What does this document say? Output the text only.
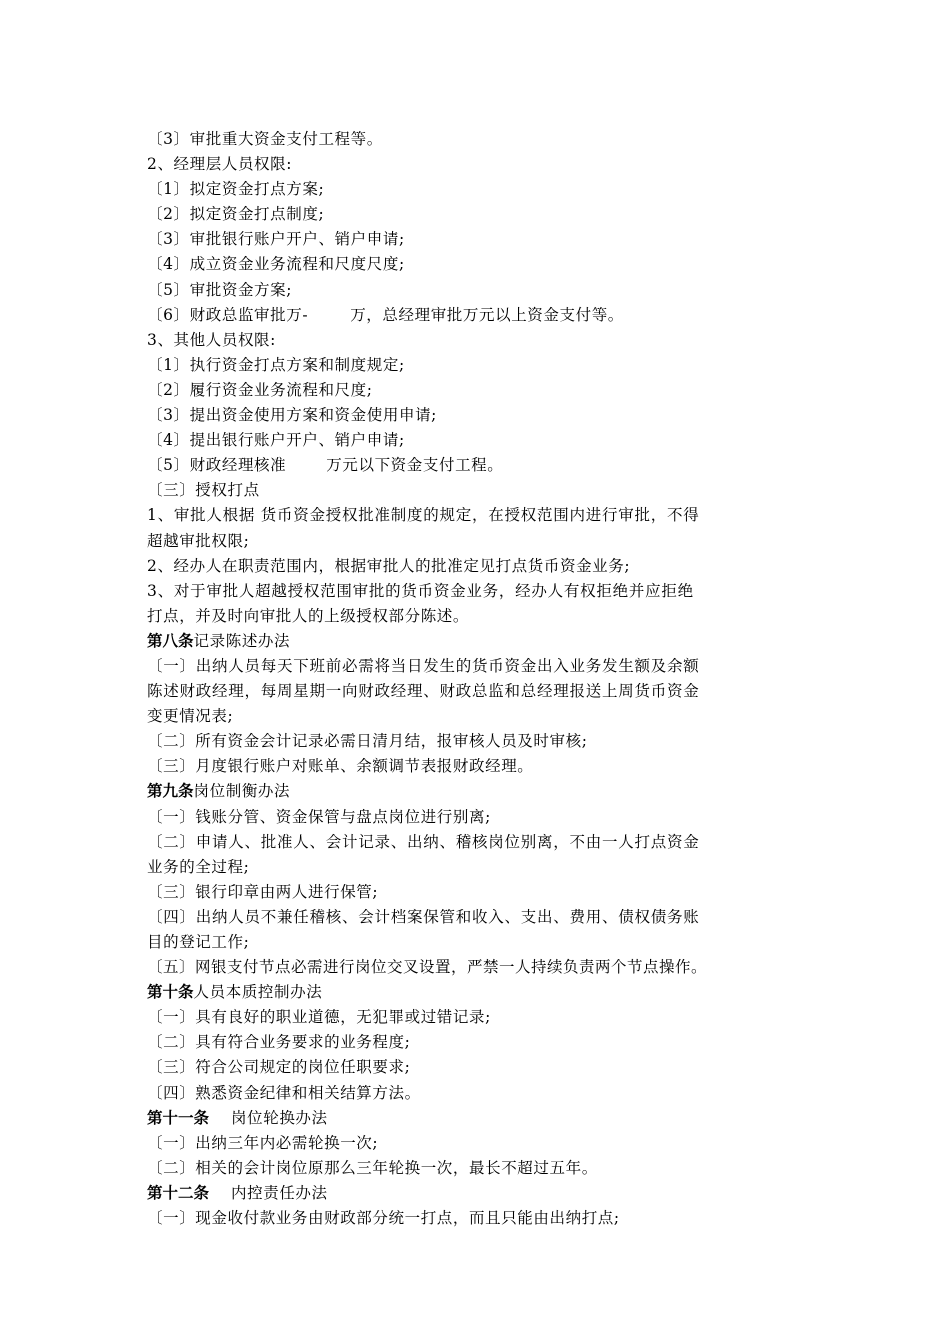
〔3〕审批重大资金支付工程等。
2、经理层人员权限:
〔1〕拟定资金打点方案;
〔2〕拟定资金打点制度;
〔3〕审批银行账户开户、销户申请;
〔4〕成立资金业务流程和尺度尺度;
〔5〕审批资金方案;
〔6〕财政总监审批万-	万，总经理审批万元以上资金支付等。
3、其他人员权限:
〔1〕执行资金打点方案和制度规定;
〔2〕履行资金业务流程和尺度;
〔3〕提出资金使用方案和资金使用申请;
〔4〕提出银行账户开户、销户申请;
〔5〕财政经理核准	万元以下资金支付工程。
〔三〕授权打点
1、审批人根据 货币资金授权批准制度的规定，在授权范围内进行审批，不得
超越审批权限;
2、经办人在职责范围内，根据审批人的批准定见打点货币资金业务;
3、对于审批人超越授权范围审批的货币资金业务，经办人有权拒绝并应拒绝
打点，并及时向审批人的上级授权部分陈述。
第八条记录陈述办法
〔一〕出纳人员每天下班前必需将当日发生的货币资金出入业务发生额及余额
陈述财政经理，每周星期一向财政经理、财政总监和总经理报送上周货币资金
变更情况表;
〔二〕所有资金会计记录必需日清月结，报审核人员及时审核;
〔三〕月度银行账户对账单、余额调节表报财政经理。
第九条岗位制衡办法
〔一〕钱账分管、资金保管与盘点岗位进行别离;
〔二〕申请人、批准人、会计记录、出纳、稽核岗位别离，不由一人打点资金
业务的全过程;
〔三〕银行印章由两人进行保管;
〔四〕出纳人员不兼任稽核、会计档案保管和收入、支出、费用、债权债务账
目的登记工作;
〔五〕网银支付节点必需进行岗位交叉设置，严禁一人持续负责两个节点操作。
第十条人员本质控制办法
〔一〕具有良好的职业道德，无犯罪或过错记录;
〔二〕具有符合业务要求的业务程度;
〔三〕符合公司规定的岗位任职要求;
〔四〕熟悉资金纪律和相关结算方法。
第十一条 岗位轮换办法
〔一〕出纳三年内必需轮换一次;
〔二〕相关的会计岗位原那么三年轮换一次，最长不超过五年。
第十二条 内控责任办法
〔一〕现金收付款业务由财政部分统一打点，而且只能由出纳打点;
